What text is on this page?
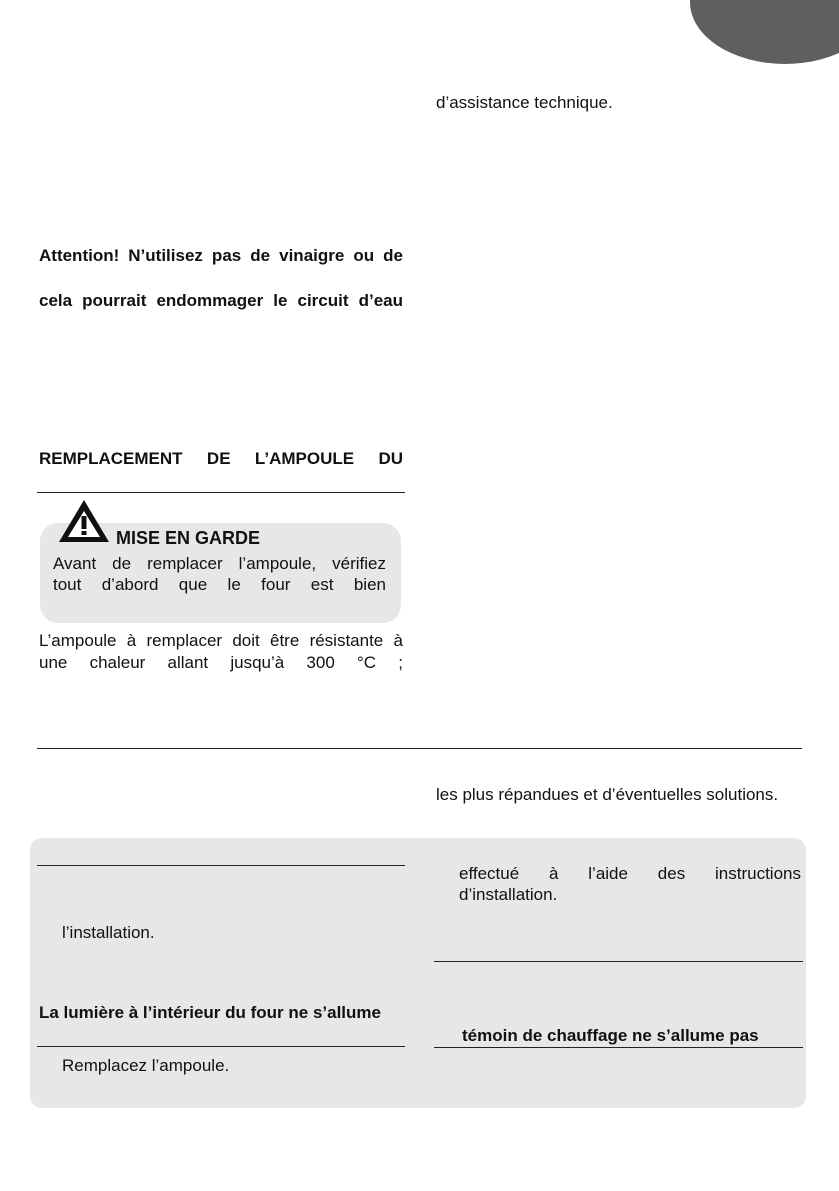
d’assistance technique.
Attention! N’utilisez pas de vinaigre ou de
cela pourrait endommager le circuit d’eau
REMPLACEMENT DE L’AMPOULE DU
MISE EN GARDE
Avant de remplacer l’ampoule, vérifiez
tout d’abord que le four est bien
L’ampoule à remplacer doit être résistante à
une chaleur allant jusqu’à 300 °C ;
les plus répandues et d’éventuelles solutions.
l’installation.
La lumière à l’intérieur du four ne s’allume
Remplacez l’ampoule.
effectué à l’aide des instructions
d’installation.
témoin de chauffage ne s’allume pas
